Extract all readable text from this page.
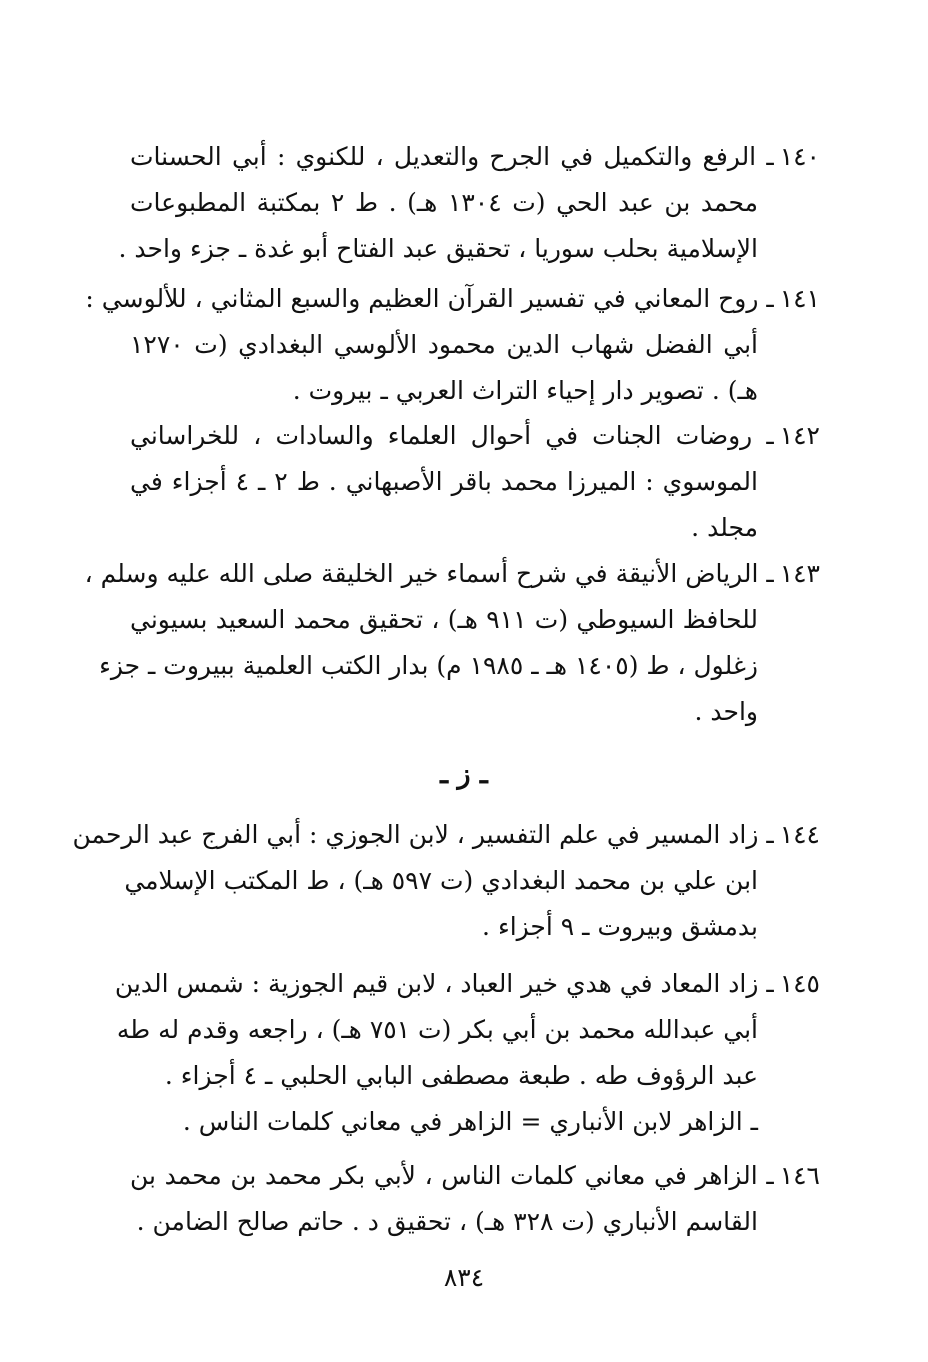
١٤٠ـ الرفع والتكميل في الجرح والتعديل ، للكنوي : أبي الحسنات
محمد بن عبد الحي (ت ١٣٠٤ هـ) . ط ٢ بمكتبة المطبوعات
الإسلامية بحلب سوريا ، تحقيق عبد الفتاح أبو غدة ـ جزء واحد .
١٤١ـ روح المعاني في تفسير القرآن العظيم والسبع المثاني ، للألوسي :
أبي الفضل شهاب الدين محمود الألوسي البغدادي (ت ١٢٧٠
هـ) . تصوير دار إحياء التراث العربي ـ بيروت .
١٤٢ـ روضات الجنات في أحوال العلماء والسادات ، للخراساني
الموسوي : الميرزا محمد باقر الأصبهاني . ط ٢ ـ ٤ أجزاء في
مجلد .
١٤٣ـ الرياض الأنيقة في شرح أسماء خير الخليقة صلى الله عليه وسلم ،
للحافظ السيوطي (ت ٩١١ هـ) ، تحقيق محمد السعيد بسيوني
زغلول ، ط (١٤٠٥ هـ ـ ١٩٨٥ م) بدار الكتب العلمية ببيروت ـ جزء
واحد .
ـ ز ـ
١٤٤ـ زاد المسير في علم التفسير ، لابن الجوزي : أبي الفرج عبد الرحمن
ابن علي بن محمد البغدادي (ت ٥٩٧ هـ) ، ط المكتب الإسلامي
بدمشق وبيروت ـ ٩ أجزاء .
١٤٥ـ زاد المعاد في هدي خير العباد ، لابن قيم الجوزية : شمس الدين
أبي عبدالله محمد بن أبي بكر (ت ٧٥١ هـ) ، راجعه وقدم له طه
عبد الرؤوف طه . طبعة مصطفى البابي الحلبي ـ ٤ أجزاء .
ـ الزاهر لابن الأنباري = الزاهر في معاني كلمات الناس .
١٤٦ـ الزاهر في معاني كلمات الناس ، لأبي بكر محمد بن محمد بن
القاسم الأنباري (ت ٣٢٨ هـ) ، تحقيق د . حاتم صالح الضامن .
٨٣٤
